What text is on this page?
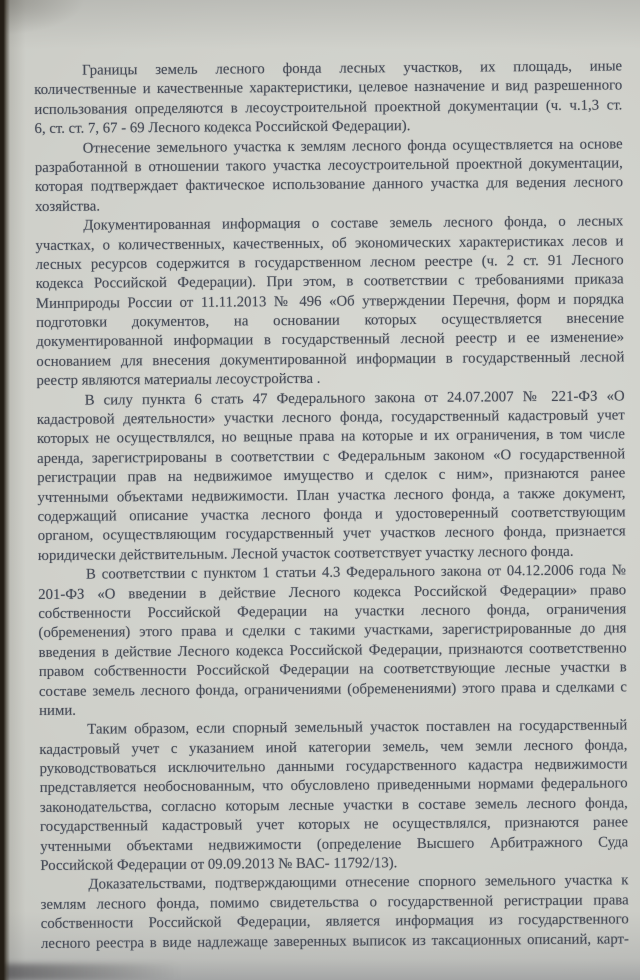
Границы земель лесного фонда лесных участков, их площадь, иные
количественные и качественные характеристики, целевое назначение и вид разрешенного
использования определяются в лесоустроительной проектной документации (ч. ч.1,3 ст.
6, ст. ст. 7, 67 - 69 Лесного кодекса Российской Федерации).

Отнесение земельного участка к землям лесного фонда осуществляется на основе
разработанной в отношении такого участка лесоустроительной проектной документации,
которая подтверждает фактическое использование данного участка для ведения лесного
хозяйства.

Документированная информация о составе земель лесного фонда, о лесных
участках, о количественных, качественных, об экономических характеристиках лесов и
лесных ресурсов содержится в государственном лесном реестре (ч. 2 ст. 91 Лесного
кодекса Российской Федерации). При этом, в соответствии с требованиями приказа
Минприроды России от 11.11.2013 № 496 «Об утверждении Перечня, форм и порядка
подготовки документов, на основании которых осуществляется внесение
документированной информации в государственный лесной реестр и ее изменение»
основанием для внесения документированной информации в государственный лесной
реестр являются материалы лесоустройства .

В силу пункта 6 стать 47 Федерального закона от 24.07.2007 № 221-ФЗ «О
кадастровой деятельности» участки лесного фонда, государственный кадастровый учет
которых не осуществлялся, но вещные права на которые и их ограничения, в том числе
аренда, зарегистрированы в соответствии с Федеральным законом «О государственной
регистрации прав на недвижимое имущество и сделок с ним», признаются ранее
учтенными объектами недвижимости. План участка лесного фонда, а также документ,
содержащий описание участка лесного фонда и удостоверенный соответствующим
органом, осуществляющим государственный учет участков лесного фонда, признается
юридически действительным. Лесной участок соответствует участку лесного фонда.

В соответствии с пунктом 1 статьи 4.3 Федерального закона от 04.12.2006 года №
201-ФЗ «О введении в действие Лесного кодекса Российской Федерации» право
собственности Российской Федерации на участки лесного фонда, ограничения
(обременения) этого права и сделки с такими участками, зарегистрированные до дня
введения в действие Лесного кодекса Российской Федерации, признаются соответственно
правом собственности Российской Федерации на соответствующие лесные участки в
составе земель лесного фонда, ограничениями (обременениями) этого права и сделками с
ними.

Таким образом, если спорный земельный участок поставлен на государственный
кадастровый учет с указанием иной категории земель, чем земли лесного фонда,
руководствоваться исключительно данными государственного кадастра недвижимости
представляется необоснованным, что обусловлено приведенными нормами федерального
законодательства, согласно которым лесные участки в составе земель лесного фонда,
государственный кадастровый учет которых не осуществлялся, признаются ранее
учтенными объектами недвижимости (определение Высшего Арбитражного Суда
Российской Федерации от 09.09.2013 № ВАС- 11792/13).

Доказательствами, подтверждающими отнесение спорного земельного участка к
землям лесного фонда, помимо свидетельства о государственной регистрации права
собственности Российской Федерации, является информация из государственного
лесного реестра в виде надлежаще заверенных выписок из таксационных описаний, карт-
